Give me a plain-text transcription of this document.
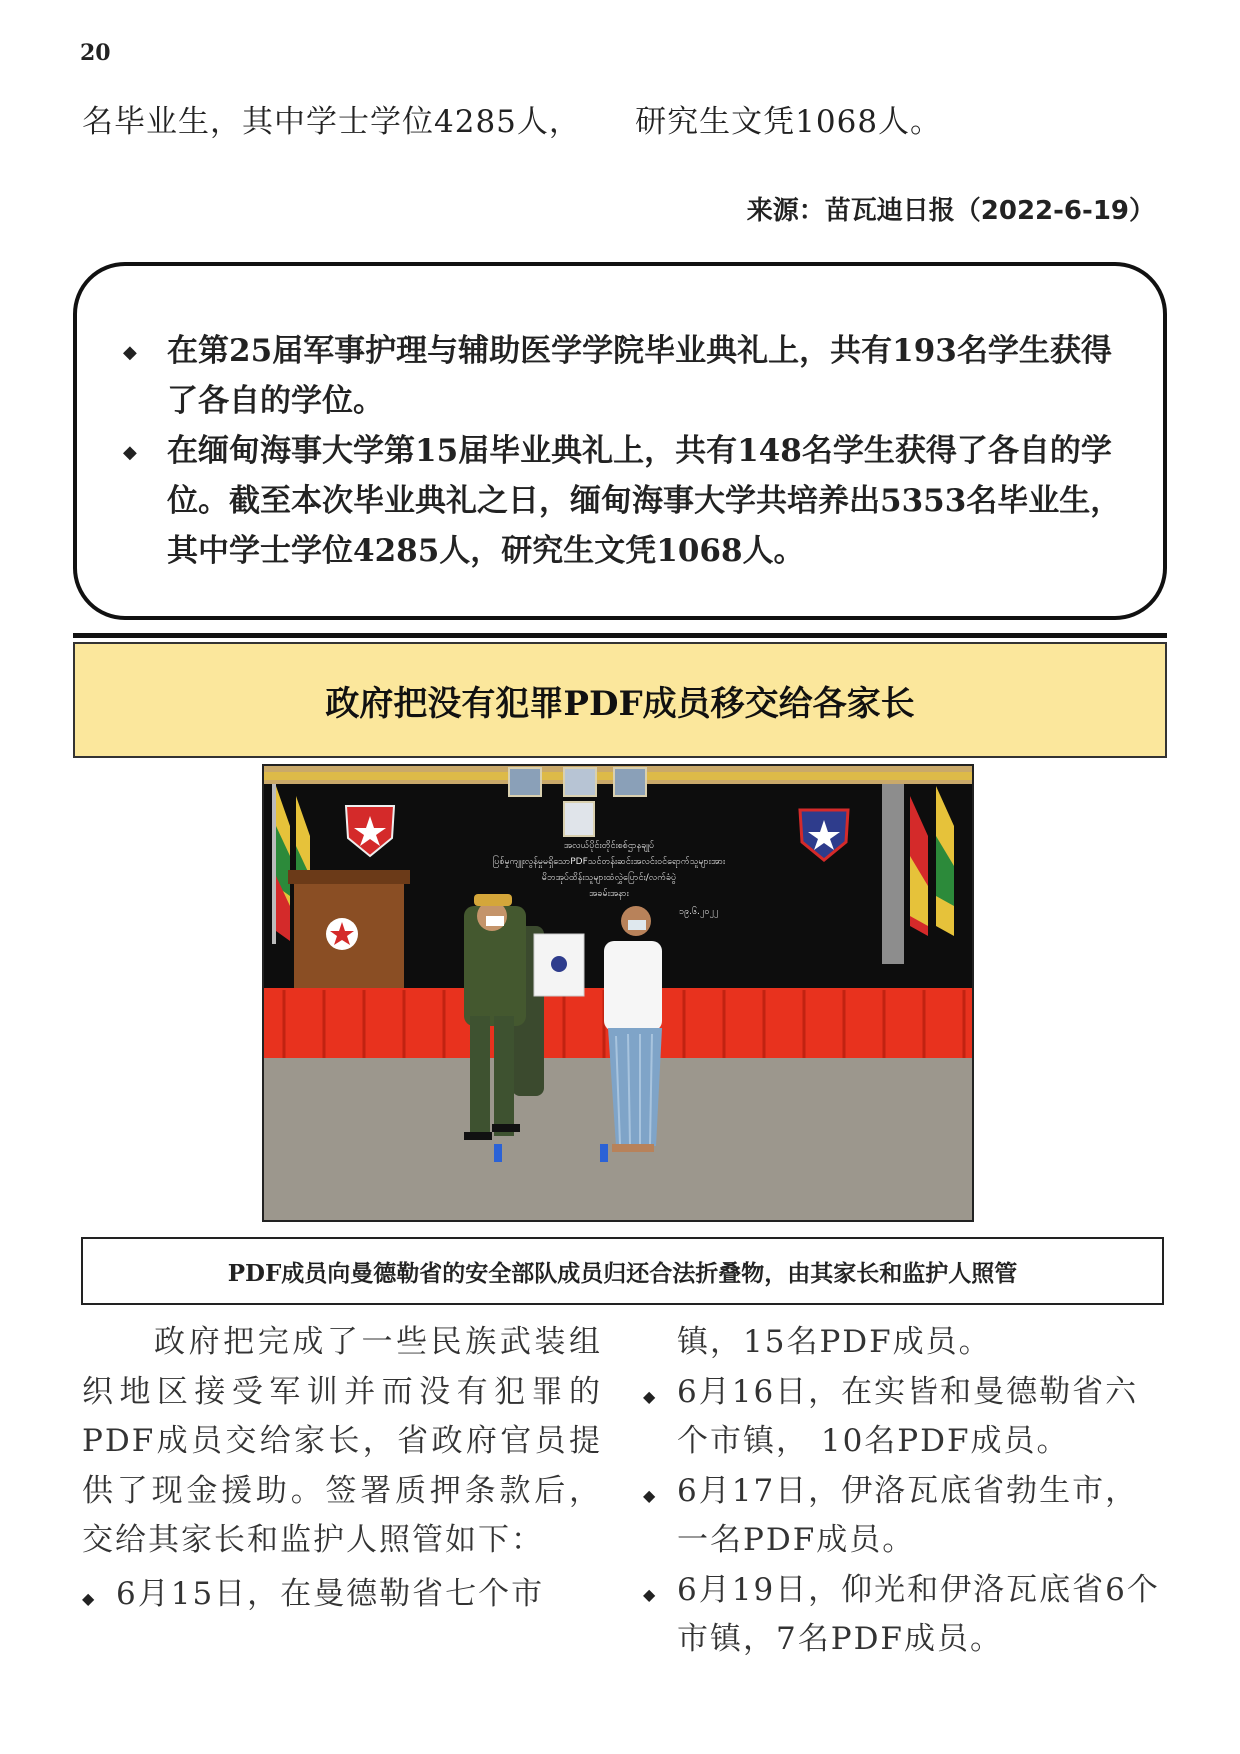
20
名毕业生，其中学士学位4285人，     研究生文凭1068人。
来源：苗瓦迪日报（2022-6-19）
◆ 在第25届军事护理与辅助医学学院毕业典礼上，共有193名学生获得了各自的学位。
◆ 在缅甸海事大学第15届毕业典礼上，共有148名学生获得了各自的学位。截至本次毕业典礼之日，缅甸海事大学共培养出5353名毕业生，其中学士学位4285人，研究生文凭1068人。
政府把没有犯罪PDF成员移交给各家长
အလယ်ပိုင်းတိုင်းစစ်ဌာနချုပ်
ပြစ်မှုကျူးလွန်မှုမရှိသောPDFသင်တန်းဆင်းအလင်းဝင်ရောက်သူများအား
မိဘအုပ်ထိန်းသူများထံလွှဲပြောင်း/လက်ခံပွဲ
အခမ်းအနား
၁၉.၆.၂၀၂၂
PDF成员向曼德勒省的安全部队成员归还合法折叠物，由其家长和监护人照管

政府把完成了一些民族武装组织地区接受军训并而没有犯罪的PDF成员交给家长，省政府官员提供了现金援助。签署质押条款后，交给其家长和监护人照管如下：

◆ 6月15日，在曼德勒省七个市
镇，15名PDF成员。
◆ 6月16日，在实皆和曼德勒省六个市镇， 10名PDF成员。
◆ 6月17日，伊洛瓦底省勃生市，一名PDF成员。
◆ 6月19日，仰光和伊洛瓦底省6个市镇，7名PDF成员。
